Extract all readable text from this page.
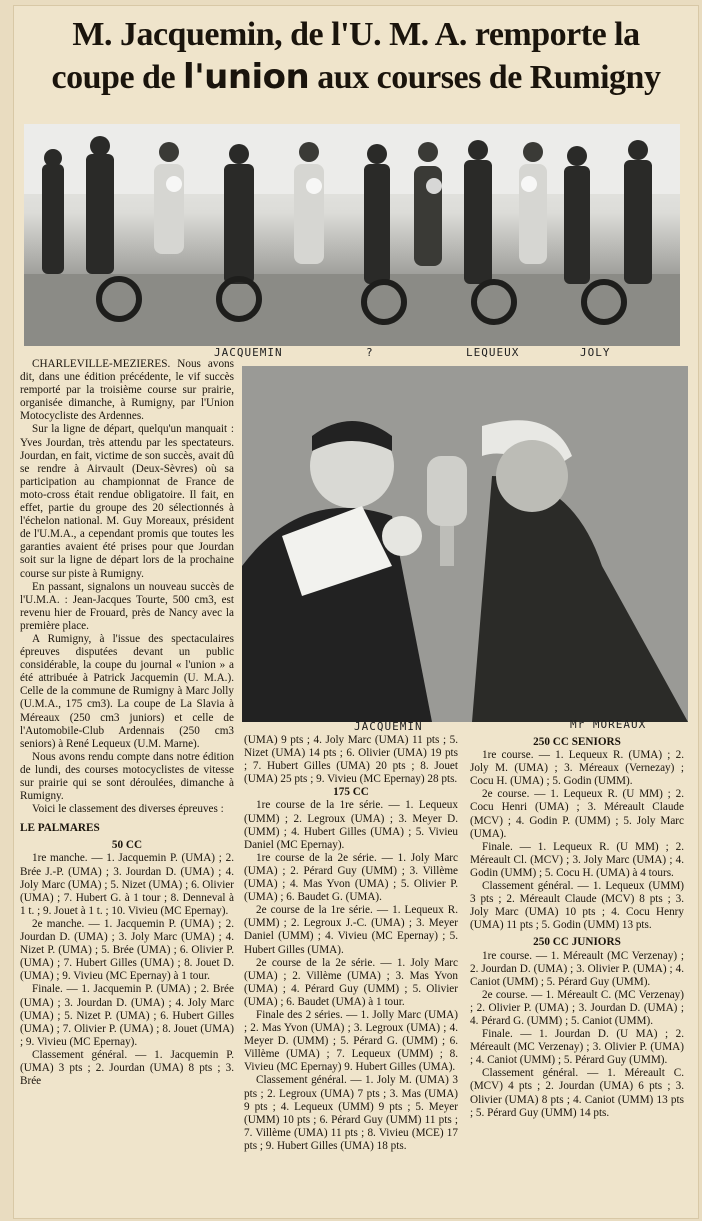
M. Jacquemin, de l'U. M. A. remporte la
coupe de l'union aux courses de Rumigny
JACQUEMIN	?	LEQUEUX	JOLY
JACQUEMIN	Mr MOREAUX

CHARLEVILLE-MEZIERES. Nous avons dit, dans une édition précédente, le vif succès remporté par la troisième course sur prairie, organisée dimanche, à Rumigny, par l'Union Motocycliste des Ardennes.

Sur la ligne de départ, quelqu'un manquait : Yves Jourdan, très attendu par les spectateurs. Jourdan, en fait, victime de son succès, avait dû se rendre à Airvault (Deux-Sèvres) où sa participation au championnat de France de moto-cross était rendue obligatoire. Il fait, en effet, partie du groupe des 20 sélectionnés à l'échelon national. M. Guy Moreaux, président de l'U.M.A., a cependant promis que toutes les garanties avaient été prises pour que Jourdan soit sur la ligne de départ lors de la prochaine course sur piste à Rumigny.

En passant, signalons un nouveau succès de l'U.M.A. : Jean-Jacques Tourte, 500 cm3, est revenu hier de Frouard, près de Nancy avec la première place.

A Rumigny, à l'issue des spectaculaires épreuves disputées devant un public considérable, la coupe du journal « l'union » a été attribuée à Patrick Jacquemin (U. M.A.). Celle de la commune de Rumigny à Marc Jolly (U.M.A., 175 cm3). La coupe de La Slavia à Méreaux (250 cm3 juniors) et celle de l'Automobile-Club Ardennais (250 cm3 seniors) à René Lequeux (U.M. Marne).

Nous avons rendu compte dans notre édition de lundi, des courses motocyclistes de vitesse sur prairie qui se sont déroulées, dimanche à Rumigny.

Voici le classement des diverses épreuves :

LE PALMARES

50 CC

1re manche. — 1. Jacquemin P. (UMA) ; 2. Brée J.-P. (UMA) ; 3. Jourdan D. (UMA) ; 4. Joly Marc (UMA) ; 5. Nizet (UMA) ; 6. Olivier (UMA) ; 7. Hubert G. à 1 tour ; 8. Denneval à 1 t. ; 9. Jouet à 1 t. ; 10. Vivieu (MC Epernay).

2e manche. — 1. Jacquemin P. (UMA) ; 2. Jourdan D. (UMA) ; 3. Joly Marc (UMA) ; 4. Nizet P. (UMA) ; 5. Brée (UMA) ; 6. Olivier P. (UMA) ; 7. Hubert Gilles (UMA) ; 8. Jouet D. (UMA) ; 9. Vivieu (MC Epernay) à 1 tour.

Finale. — 1. Jacquemin P. (UMA) ; 2. Brée (UMA) ; 3. Jourdan D. (UMA) ; 4. Joly Marc (UMA) ; 5. Nizet P. (UMA) ; 6. Hubert Gilles (UMA) ; 7. Olivier P. (UMA) ; 8. Jouet (UMA) ; 9. Vivieu (MC Epernay).

Classement général. — 1. Jacquemin P. (UMA) 3 pts ; 2. Jourdan (UMA) 8 pts ; 3. Brée

(UMA) 9 pts ; 4. Joly Marc (UMA) 11 pts ; 5. Nizet (UMA) 14 pts ; 6. Olivier (UMA) 19 pts ; 7. Hubert Gilles (UMA) 20 pts ; 8. Jouet (UMA) 25 pts ; 9. Vivieu (MC Epernay) 28 pts.

175 CC

1re course de la 1re série. — 1. Lequeux (UMM) ; 2. Legroux (UMA) ; 3. Meyer D. (UMM) ; 4. Hubert Gilles (UMA) ; 5. Vivieu Daniel (MC Epernay).

1re course de la 2e série. — 1. Joly Marc (UMA) ; 2. Pérard Guy (UMM) ; 3. Villème (UMA) ; 4. Mas Yvon (UMA) ; 5. Olivier P. (UMA) ; 6. Baudet G. (UMA).

2e course de la 1re série. — 1. Lequeux R. (UMM) ; 2. Legroux J.-C. (UMA) ; 3. Meyer Daniel (UMM) ; 4. Vivieu (MC Epernay) ; 5. Hubert Gilles (UMA).

2e course de la 2e série. — 1. Joly Marc (UMA) ; 2. Villème (UMA) ; 3. Mas Yvon (UMA) ; 4. Pérard Guy (UMM) ; 5. Olivier (UMA) ; 6. Baudet (UMA) à 1 tour.

Finale des 2 séries. — 1. Jolly Marc (UMA) ; 2. Mas Yvon (UMA) ; 3. Legroux (UMA) ; 4. Meyer D. (UMM) ; 5. Pérard G. (UMM) ; 6. Villème (UMA) ; 7. Lequeux (UMM) ; 8. Vivieu (MC Epernay) 9. Hubert Gilles (UMA).

Classement général. — 1. Joly M. (UMA) 3 pts ; 2. Legroux (UMA) 7 pts ; 3. Mas (UMA) 9 pts ; 4. Lequeux (UMM) 9 pts ; 5. Meyer (UMM) 10 pts ; 6. Pérard Guy (UMM) 11 pts ; 7. Villème (UMA) 11 pts ; 8. Vivieu (MCE) 17 pts ; 9. Hubert Gilles (UMA) 18 pts.

250 CC SENIORS

1re course. — 1. Lequeux R. (UMA) ; 2. Joly M. (UMA) ; 3. Méreaux (Vernezay) ; Cocu H. (UMA) ; 5. Godin (UMM).

2e course. — 1. Lequeux R. (U MM) ; 2. Cocu Henri (UMA) ; 3. Méreault Claude (MCV) ; 4. Godin P. (UMM) ; 5. Joly Marc (UMA).

Finale. — 1. Lequeux R. (U MM) ; 2. Méreault Cl. (MCV) ; 3. Joly Marc (UMA) ; 4. Godin (UMM) ; 5. Cocu H. (UMA) à 4 tours.

Classement général. — 1. Lequeux (UMM) 3 pts ; 2. Méreault Claude (MCV) 8 pts ; 3. Joly Marc (UMA) 10 pts ; 4. Cocu Henry (UMA) 11 pts ; 5. Godin (UMM) 13 pts.

250 CC JUNIORS

1re course. — 1. Méreault (MC Verzenay) ; 2. Jourdan D. (UMA) ; 3. Olivier P. (UMA) ; 4. Caniot (UMM) ; 5. Pérard Guy (UMM).

2e course. — 1. Méreault C. (MC Verzenay) ; 2. Olivier P. (UMA) ; 3. Jourdan D. (UMA) ; 4. Pérard G. (UMM) ; 5. Caniot (UMM).

Finale. — 1. Jourdan D. (U MA) ; 2. Méreault (MC Verzenay) ; 3. Olivier P. (UMA) ; 4. Caniot (UMM) ; 5. Pérard Guy (UMM).

Classement général. — 1. Méreault C. (MCV) 4 pts ; 2. Jourdan (UMA) 6 pts ; 3. Olivier (UMA) 8 pts ; 4. Caniot (UMM) 13 pts ; 5. Pérard Guy (UMM) 14 pts.
